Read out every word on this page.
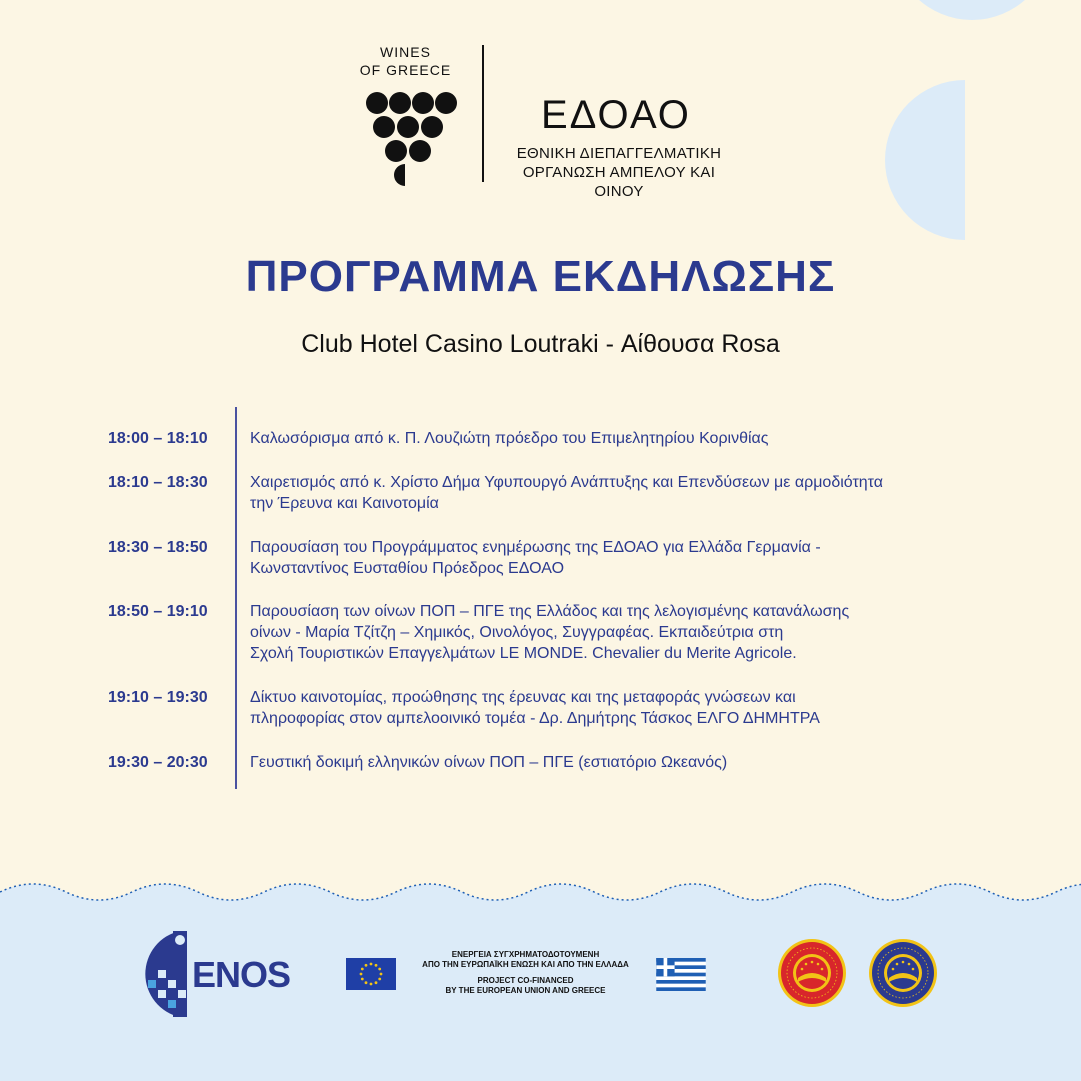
WINES
OF GREECE
ΕΔΟΑΟ
ΕΘΝΙΚΗ ΔΙΕΠΑΓΓΕΛΜΑΤΙΚΗ
ΟΡΓΑΝΩΣΗ ΑΜΠΕΛΟΥ ΚΑΙ ΟΙΝΟΥ
ΠΡΟΓΡΑΜΜΑ ΕΚΔΗΛΩΣΗΣ
Club Hotel Casino Loutraki - Αίθουσα Rosa
18:00 – 18:10	Καλωσόρισμα από κ. Π. Λουζιώτη πρόεδρο του Επιμελητηρίου Κορινθίας
18:10 – 18:30	Χαιρετισμός από κ. Χρίστο Δήμα Υφυπουργό Ανάπτυξης και Επενδύσεων με αρμοδιότητα
την Έρευνα και Καινοτομία
18:30 – 18:50	Παρουσίαση του Προγράμματος ενημέρωσης της ΕΔΟΑΟ για Ελλάδα Γερμανία -
Κωνσταντίνος Ευσταθίου Πρόεδρος ΕΔΟΑΟ
18:50 – 19:10	Παρουσίαση των οίνων ΠΟΠ – ΠΓΕ της Ελλάδος και της λελογισμένης κατανάλωσης
οίνων - Μαρία Τζίτζη – Χημικός, Οινολόγος, Συγγραφέας. Εκπαιδεύτρια στη
Σχολή Τουριστικών Επαγγελμάτων LE MONDE. Chevalier du Merite Agricole.
19:10 – 19:30	Δίκτυο καινοτομίας, προώθησης της έρευνας και της μεταφοράς γνώσεων και
πληροφορίας στον αμπελοοινικό τομέα - Δρ. Δημήτρης Τάσκος ΕΛΓΟ ΔΗΜΗΤΡΑ
19:30 – 20:30	Γευστική δοκιμή ελληνικών οίνων ΠΟΠ – ΠΓΕ (εστιατόριο Ωκεανός)
ENOS	ΕΝΕΡΓΕΙΑ ΣΥΓΧΡΗΜΑΤΟΔΟΤΟΥΜΕΝΗ
ΑΠΟ ΤΗΝ ΕΥΡΩΠΑΪΚΗ ΕΝΩΣΗ ΚΑΙ ΑΠΟ ΤΗΝ ΕΛΛΑΔΑ
PROJECT CO-FINANCED
BY THE EUROPEAN UNION AND GREECE
